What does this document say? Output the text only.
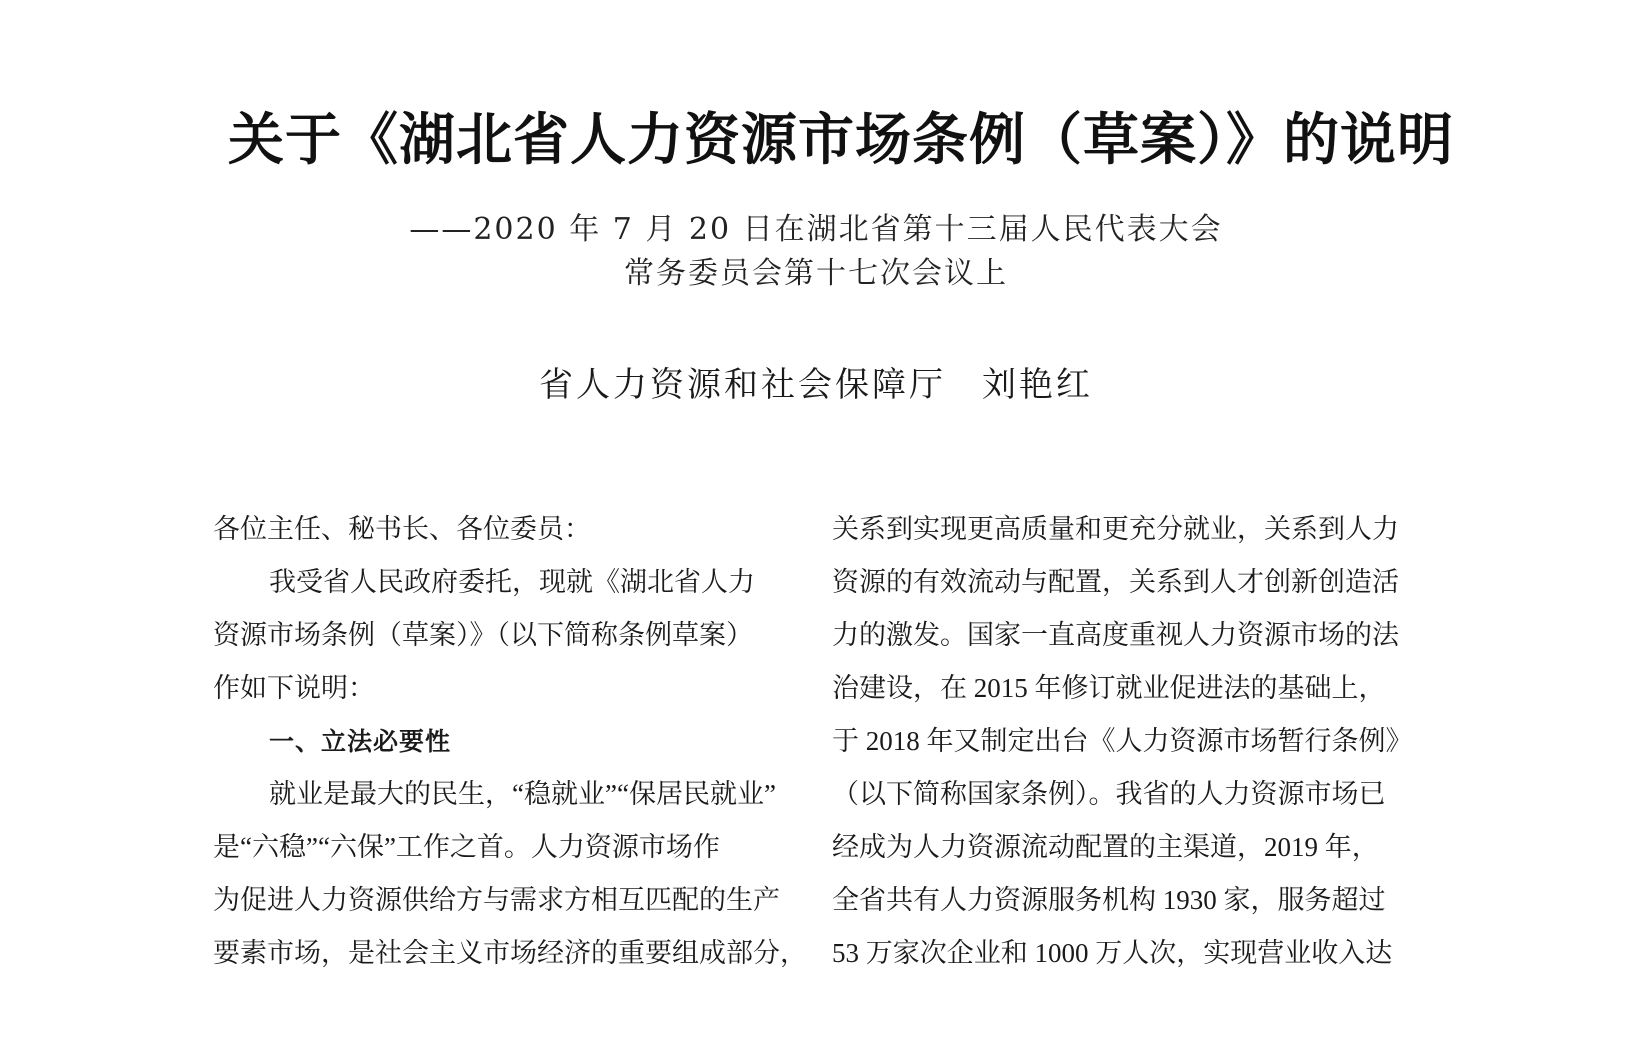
关于《湖北省人力资源市场条例（草案）》的说明
——2020 年 7 月 20 日在湖北省第十三届人民代表大会
常务委员会第十七次会议上
省人力资源和社会保障厅 刘艳红
各位主任、秘书长、各位委员：
我受省人民政府委托，现就《湖北省人力
资源市场条例（草案）》（以下简称条例草案）
作如下说明：
一、立法必要性
就业是最大的民生，“稳就业”“保居民就业”
是“六稳”“六保”工作之首。人力资源市场作
为促进人力资源供给方与需求方相互匹配的生产
要素市场，是社会主义市场经济的重要组成部分，
关系到实现更高质量和更充分就业，关系到人力
资源的有效流动与配置，关系到人才创新创造活
力的激发。国家一直高度重视人力资源市场的法
治建设，在 2015 年修订就业促进法的基础上，
于 2018 年又制定出台《人力资源市场暂行条例》
（以下简称国家条例）。我省的人力资源市场已
经成为人力资源流动配置的主渠道，2019 年，
全省共有人力资源服务机构 1930 家，服务超过
53 万家次企业和 1000 万人次，实现营业收入达
